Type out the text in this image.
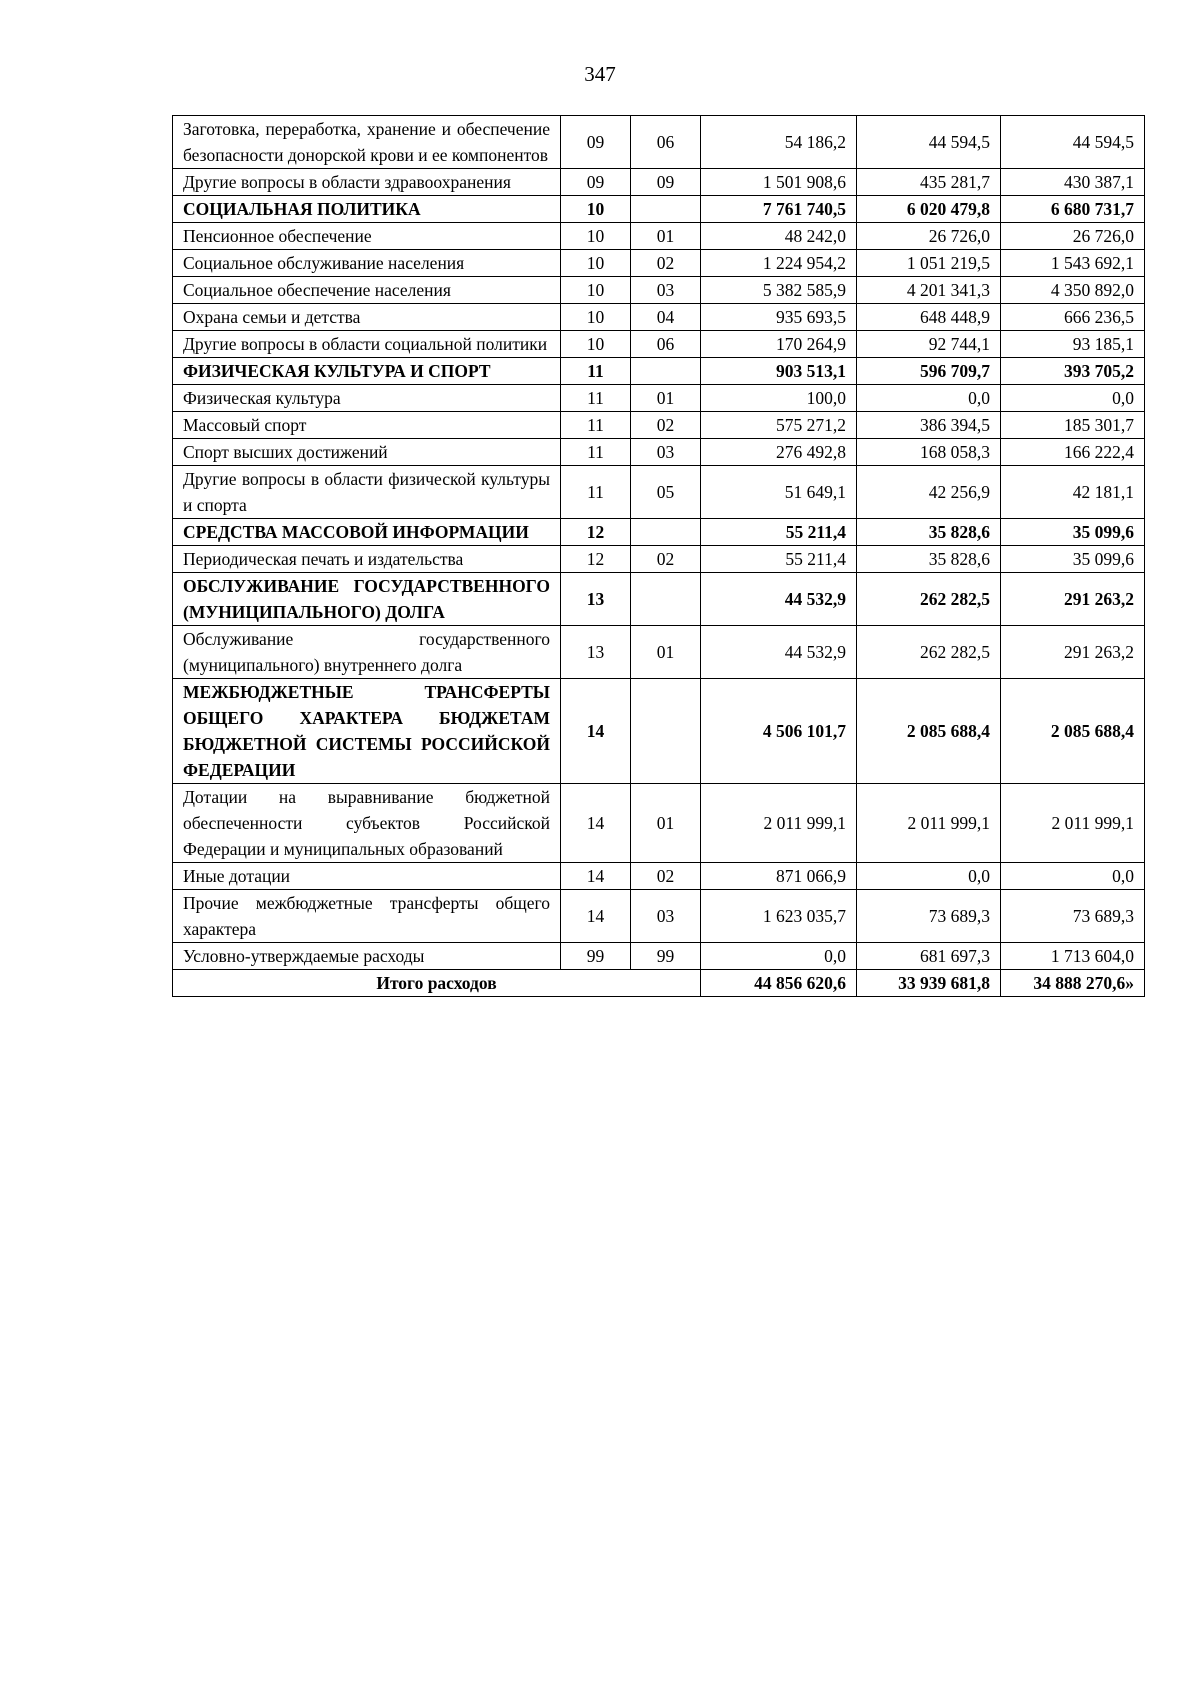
347
Заготовка, переработка, хранение и обеспечение безопасности донорской крови и ее компонентов	09	06	54 186,2	44 594,5	44 594,5
Другие вопросы в области здравоохранения	09	09	1 501 908,6	435 281,7	430 387,1
СОЦИАЛЬНАЯ ПОЛИТИКА	10		7 761 740,5	6 020 479,8	6 680 731,7
Пенсионное обеспечение	10	01	48 242,0	26 726,0	26 726,0
Социальное обслуживание населения	10	02	1 224 954,2	1 051 219,5	1 543 692,1
Социальное обеспечение населения	10	03	5 382 585,9	4 201 341,3	4 350 892,0
Охрана семьи и детства	10	04	935 693,5	648 448,9	666 236,5
Другие вопросы в области социальной политики	10	06	170 264,9	92 744,1	93 185,1
ФИЗИЧЕСКАЯ КУЛЬТУРА И СПОРТ	11		903 513,1	596 709,7	393 705,2
Физическая культура	11	01	100,0	0,0	0,0
Массовый спорт	11	02	575 271,2	386 394,5	185 301,7
Спорт высших достижений	11	03	276 492,8	168 058,3	166 222,4
Другие вопросы в области физической культуры и спорта	11	05	51 649,1	42 256,9	42 181,1
СРЕДСТВА МАССОВОЙ ИНФОРМАЦИИ	12		55 211,4	35 828,6	35 099,6
Периодическая печать и издательства	12	02	55 211,4	35 828,6	35 099,6
ОБСЛУЖИВАНИЕ ГОСУДАРСТВЕННОГО (МУНИЦИПАЛЬНОГО) ДОЛГА	13		44 532,9	262 282,5	291 263,2
Обслуживание государственного (муниципального) внутреннего долга	13	01	44 532,9	262 282,5	291 263,2
МЕЖБЮДЖЕТНЫЕ ТРАНСФЕРТЫ ОБЩЕГО ХАРАКТЕРА БЮДЖЕТАМ БЮДЖЕТНОЙ СИСТЕМЫ РОССИЙСКОЙ ФЕДЕРАЦИИ	14		4 506 101,7	2 085 688,4	2 085 688,4
Дотации на выравнивание бюджетной обеспеченности субъектов Российской Федерации и муниципальных образований	14	01	2 011 999,1	2 011 999,1	2 011 999,1
Иные дотации	14	02	871 066,9	0,0	0,0
Прочие межбюджетные трансферты общего характера	14	03	1 623 035,7	73 689,3	73 689,3
Условно-утверждаемые расходы	99	99	0,0	681 697,3	1 713 604,0
Итого расходов			44 856 620,6	33 939 681,8	34 888 270,6»
